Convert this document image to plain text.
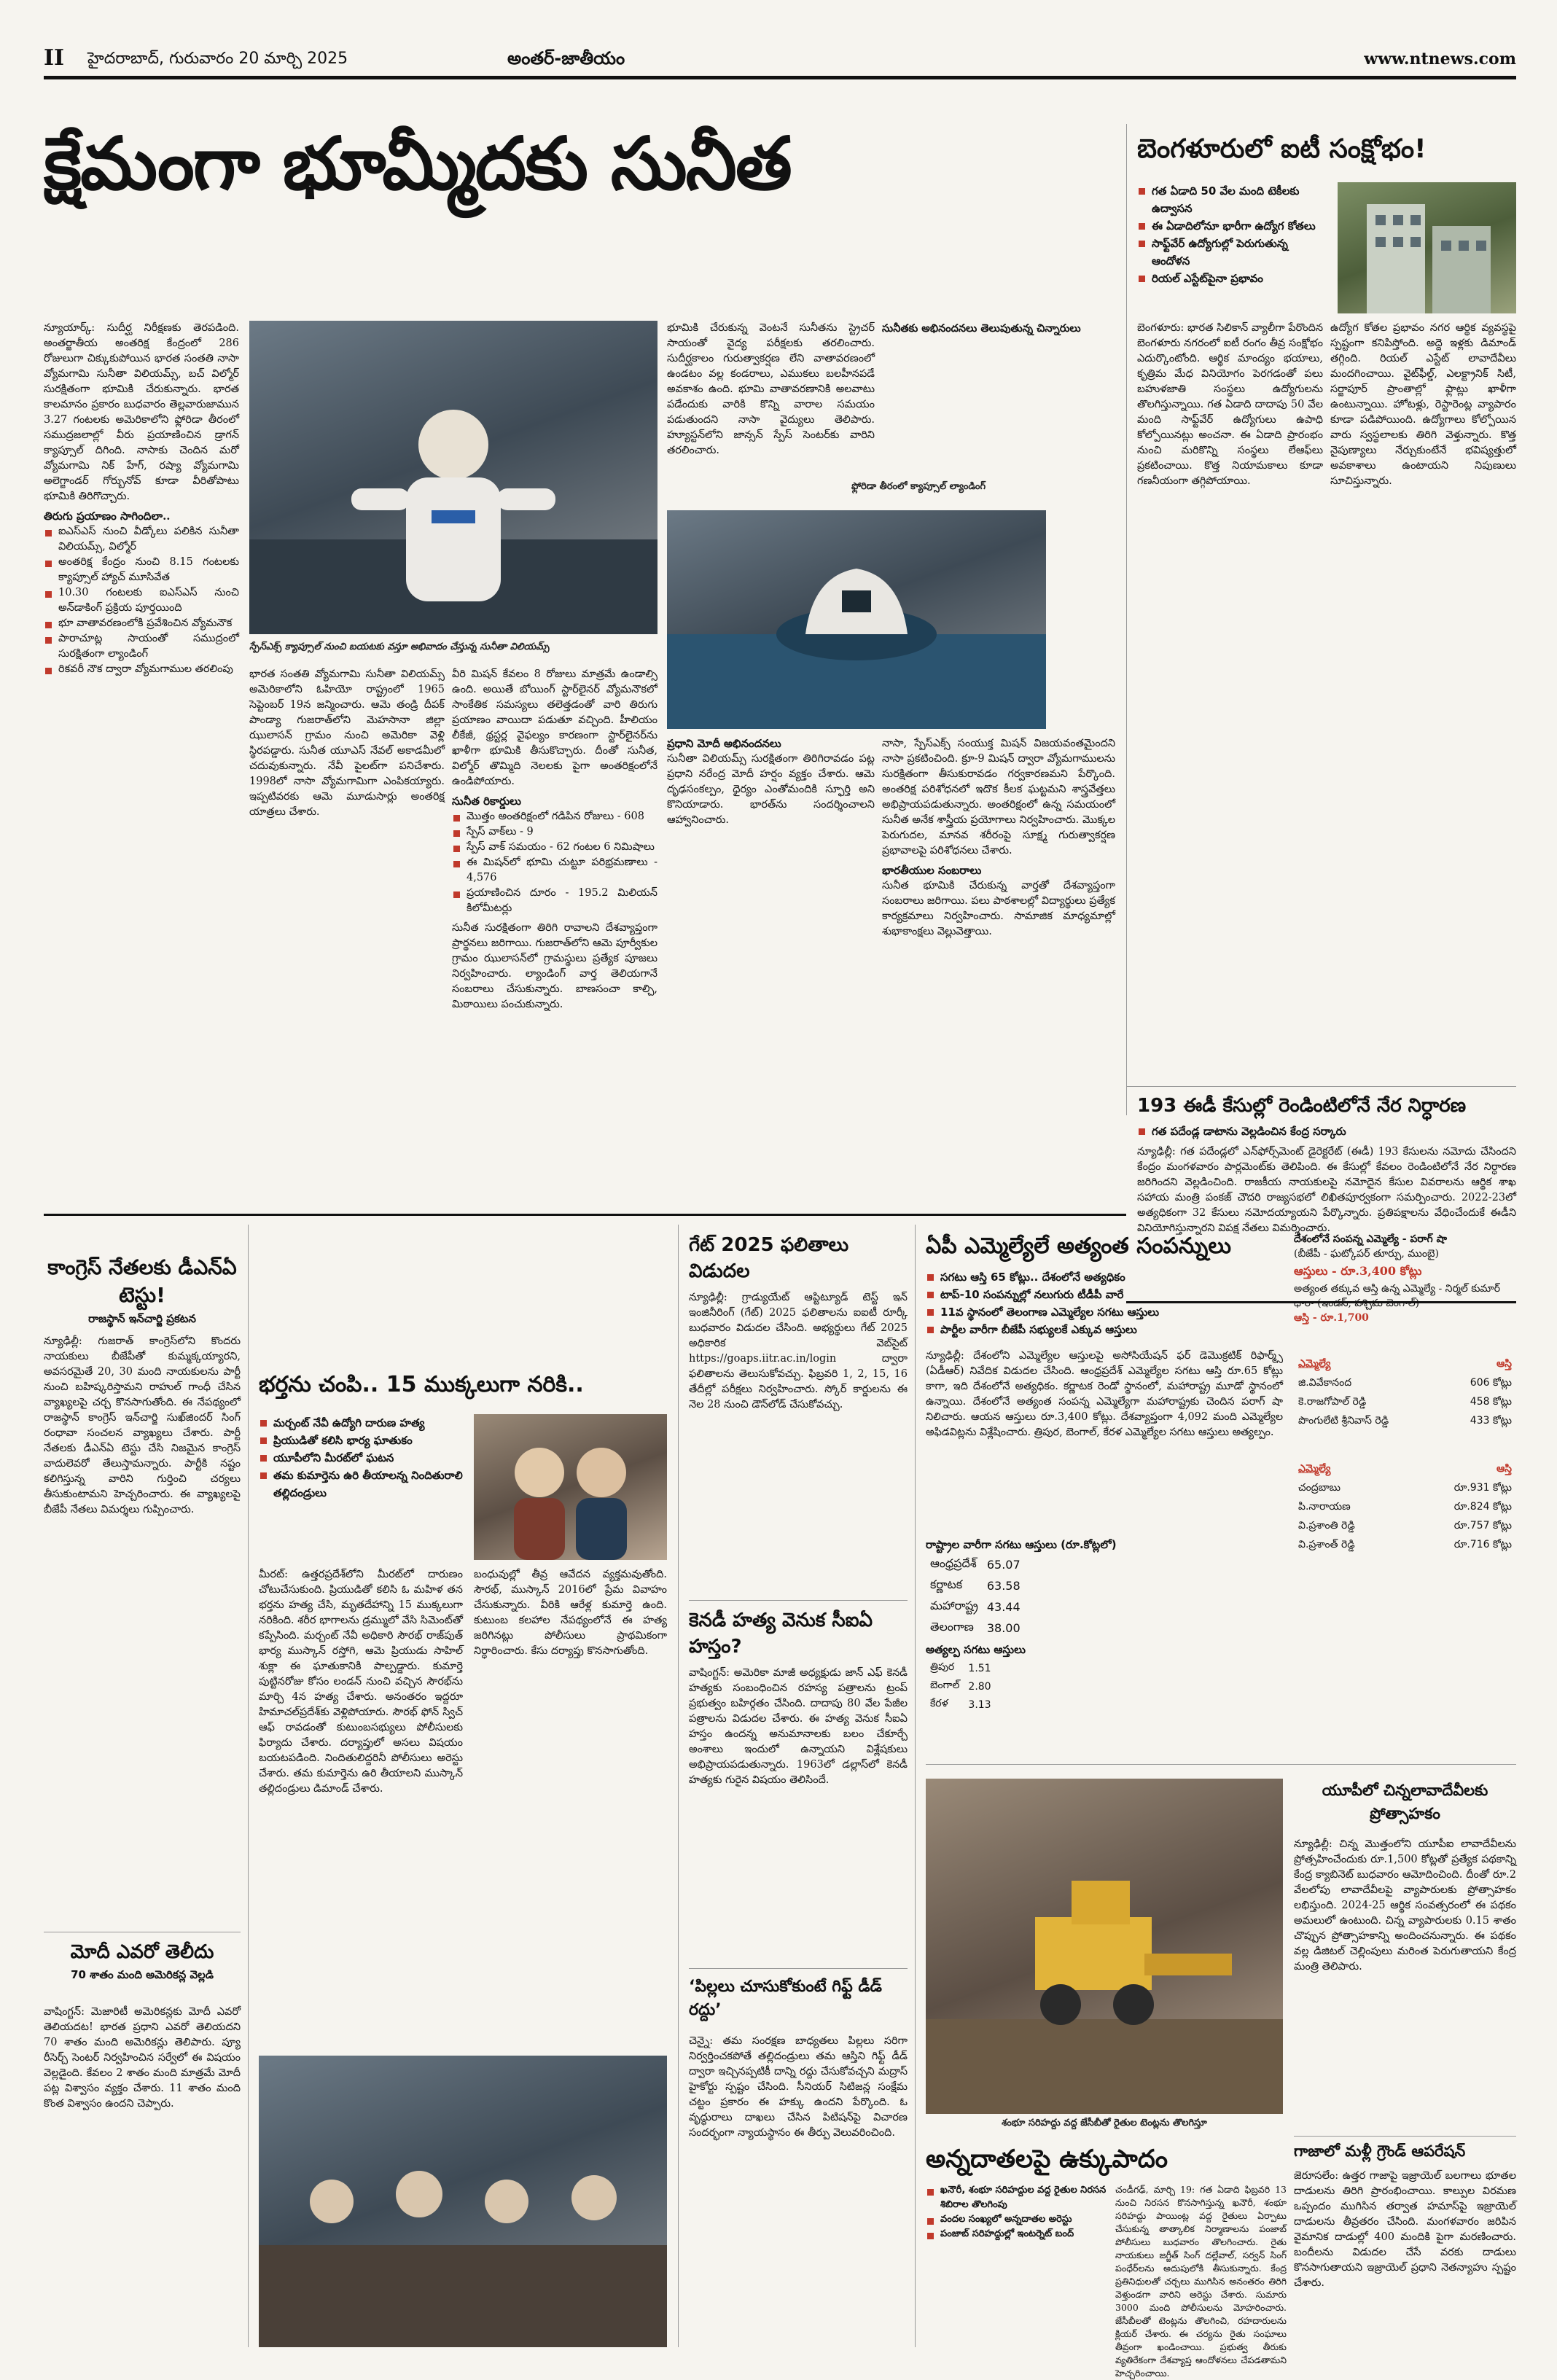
II హైదరాబాద్, గురువారం 20 మార్చి 2025	అంతర్-జాతీయం	www.ntnews.com
క్షేమంగా భూమ్మీదకు సునీత
న్యూయార్క్: సుదీర్ఘ నిరీక్షణకు తెరపడింది. అంతర్జాతీయ అంతరిక్ష కేంద్రంలో 286 రోజులుగా చిక్కుకుపోయిన భారత సంతతి నాసా వ్యోమగామి సునీతా విలియమ్స్, బచ్ విల్మోర్ సురక్షితంగా భూమికి చేరుకున్నారు. భారత కాలమానం ప్రకారం బుధవారం తెల్లవారుజామున 3.27 గంటలకు అమెరికాలోని ఫ్లోరిడా తీరంలో సముద్రజలాల్లో వీరు ప్రయాణించిన డ్రాగన్ క్యాప్సూల్ దిగింది. నాసాకు చెందిన మరో వ్యోమగామి నిక్ హేగ్, రష్యా వ్యోమగామి అలెగ్జాండర్ గోర్బునోవ్ కూడా వీరితోపాటు భూమికి తిరిగొచ్చారు.
తిరుగు ప్రయాణం సాగిందిలా..
ఐఎస్ఎస్ నుంచి వీడ్కోలు పలికిన సునీతా విలియమ్స్, విల్మోర్
అంతరిక్ష కేంద్రం నుంచి 8.15 గంటలకు క్యాప్సూల్ హ్యాచ్ మూసివేత
10.30 గంటలకు ఐఎస్ఎస్ నుంచి అన్‌డాకింగ్ ప్రక్రియ పూర్తయింది
భూ వాతావరణంలోకి ప్రవేశించిన వ్యోమనౌక
పారాచూట్ల సాయంతో సముద్రంలో సురక్షితంగా ల్యాండింగ్
రికవరీ నౌక ద్వారా వ్యోమగాముల తరలింపు
స్పేస్‌ఎక్స్ క్యాప్సూల్ నుంచి బయటకు వస్తూ అభివాదం చేస్తున్న సునీతా విలియమ్స్
భారత సంతతి వ్యోమగామి సునీతా విలియమ్స్ అమెరికాలోని ఓహియో రాష్ట్రంలో 1965 సెప్టెంబర్ 19న జన్మించారు. ఆమె తండ్రి దీపక్ పాండ్యా గుజరాత్‌లోని మెహసానా జిల్లా ఝులాసన్ గ్రామం నుంచి అమెరికా వెళ్లి స్థిరపడ్డారు. సునీత యూఎస్ నేవల్ అకాడమీలో చదువుకున్నారు. నేవీ పైలట్‌గా పనిచేశారు. 1998లో నాసా వ్యోమగామిగా ఎంపికయ్యారు. ఇప్పటివరకు ఆమె మూడుసార్లు అంతరిక్ష యాత్రలు చేశారు.
వీరి మిషన్ కేవలం 8 రోజులు మాత్రమే ఉండాల్సి ఉంది. అయితే బోయింగ్ స్టార్‌లైనర్ వ్యోమనౌకలో సాంకేతిక సమస్యలు తలెత్తడంతో వారి తిరుగు ప్రయాణం వాయిదా పడుతూ వచ్చింది. హీలియం లీకేజీ, థ్రస్టర్ల వైఫల్యం కారణంగా స్టార్‌లైనర్‌ను ఖాళీగా భూమికి తీసుకొచ్చారు. దీంతో సునీత, విల్మోర్ తొమ్మిది నెలలకు పైగా అంతరిక్షంలోనే ఉండిపోయారు.
సునీత రికార్డులు
మొత్తం అంతరిక్షంలో గడిపిన రోజులు - 608
స్పేస్ వాక్‌లు - 9
స్పేస్ వాక్ సమయం - 62 గంటల 6 నిమిషాలు
ఈ మిషన్‌లో భూమి చుట్టూ పరిభ్రమణాలు - 4,576
ప్రయాణించిన దూరం - 195.2 మిలియన్ కిలోమీటర్లు
సునీత సురక్షితంగా తిరిగి రావాలని దేశవ్యాప్తంగా ప్రార్థనలు జరిగాయి. గుజరాత్‌లోని ఆమె పూర్వీకుల గ్రామం ఝులాసన్‌లో గ్రామస్థులు ప్రత్యేక పూజలు నిర్వహించారు. ల్యాండింగ్ వార్త తెలియగానే సంబరాలు చేసుకున్నారు. బాణసంచా కాల్చి, మిఠాయిలు పంచుకున్నారు.
భూమికి చేరుకున్న వెంటనే సునీతను స్ట్రెచర్ సాయంతో వైద్య పరీక్షలకు తరలించారు. సుదీర్ఘకాలం గురుత్వాకర్షణ లేని వాతావరణంలో ఉండటం వల్ల కండరాలు, ఎముకలు బలహీనపడే అవకాశం ఉంది. భూమి వాతావరణానికి అలవాటు పడేందుకు వారికి కొన్ని వారాల సమయం పడుతుందని నాసా వైద్యులు తెలిపారు. హ్యూస్టన్‌లోని జాన్సన్ స్పేస్ సెంటర్‌కు వారిని తరలించారు.
ఫ్లోరిడా తీరంలో క్యాప్సూల్ ల్యాండింగ్
ప్రధాని మోదీ అభినందనలు
సునీతా విలియమ్స్ సురక్షితంగా తిరిగిరావడం పట్ల ప్రధాని నరేంద్ర మోదీ హర్షం వ్యక్తం చేశారు. ఆమె దృఢసంకల్పం, ధైర్యం ఎంతోమందికి స్ఫూర్తి అని కొనియాడారు. భారత్‌ను సందర్శించాలని ఆహ్వానించారు.
నాసా, స్పేస్ఎక్స్ సంయుక్త మిషన్ విజయవంతమైందని నాసా ప్రకటించింది. క్రూ-9 మిషన్ ద్వారా వ్యోమగాములను సురక్షితంగా తీసుకురావడం గర్వకారణమని పేర్కొంది. అంతరిక్ష పరిశోధనలో ఇదొక కీలక ఘట్టమని శాస్త్రవేత్తలు అభిప్రాయపడుతున్నారు. అంతరిక్షంలో ఉన్న సమయంలో సునీత అనేక శాస్త్రీయ ప్రయోగాలు నిర్వహించారు. మొక్కల పెరుగుదల, మానవ శరీరంపై సూక్ష్మ గురుత్వాకర్షణ ప్రభావాలపై పరిశోధనలు చేశారు.
భారతీయుల సంబరాలు
సునీత భూమికి చేరుకున్న వార్తతో దేశవ్యాప్తంగా సంబరాలు జరిగాయి. పలు పాఠశాలల్లో విద్యార్థులు ప్రత్యేక కార్యక్రమాలు నిర్వహించారు. సామాజిక మాధ్యమాల్లో శుభాకాంక్షలు వెల్లువెత్తాయి.
సునీతకు అభినందనలు తెలుపుతున్న చిన్నారులు
బెంగళూరులో ఐటీ సంక్షోభం!
గత ఏడాది 50 వేల మంది టెకీలకు ఉద్వాసన
ఈ ఏడాదిలోనూ భారీగా ఉద్యోగ కోతలు
సాఫ్ట్‌వేర్ ఉద్యోగుల్లో పెరుగుతున్న ఆందోళన
రియల్ ఎస్టేట్‌పైనా ప్రభావం
బెంగళూరు: భారత సిలికాన్ వ్యాలీగా పేరొందిన బెంగళూరు నగరంలో ఐటీ రంగం తీవ్ర సంక్షోభం ఎదుర్కొంటోంది. ఆర్థిక మాంద్యం భయాలు, కృత్రిమ మేధ వినియోగం పెరగడంతో పలు బహుళజాతి సంస్థలు ఉద్యోగులను తొలగిస్తున్నాయి. గత ఏడాది దాదాపు 50 వేల మంది సాఫ్ట్‌వేర్ ఉద్యోగులు ఉపాధి కోల్పోయినట్లు అంచనా. ఈ ఏడాది ప్రారంభం నుంచి మరికొన్ని సంస్థలు లేఆఫ్‌లు ప్రకటించాయి. కొత్త నియామకాలు కూడా గణనీయంగా తగ్గిపోయాయి.
ఉద్యోగ కోతల ప్రభావం నగర ఆర్థిక వ్యవస్థపై స్పష్టంగా కనిపిస్తోంది. అద్దె ఇళ్లకు డిమాండ్ తగ్గింది. రియల్ ఎస్టేట్ లావాదేవీలు మందగించాయి. వైట్‌ఫీల్డ్, ఎలక్ట్రానిక్ సిటీ, సర్జాపూర్ ప్రాంతాల్లో ఫ్లాట్లు ఖాళీగా ఉంటున్నాయి. హోటళ్లు, రెస్టారెంట్ల వ్యాపారం కూడా పడిపోయింది. ఉద్యోగాలు కోల్పోయిన వారు స్వస్థలాలకు తిరిగి వెళ్తున్నారు. కొత్త నైపుణ్యాలు నేర్చుకుంటేనే భవిష్యత్తులో అవకాశాలు ఉంటాయని నిపుణులు సూచిస్తున్నారు.
193 ఈడీ కేసుల్లో రెండింటిలోనే నేర నిర్ధారణ
గత పదేండ్ల డాటాను వెల్లడించిన కేంద్ర సర్కారు
న్యూఢిల్లీ: గత పదేండ్లలో ఎన్‌ఫోర్స్‌మెంట్ డైరెక్టరేట్ (ఈడీ) 193 కేసులను నమోదు చేసిందని కేంద్రం మంగళవారం పార్లమెంట్‌కు తెలిపింది. ఈ కేసుల్లో కేవలం రెండింటిలోనే నేర నిర్ధారణ జరిగిందని వెల్లడించింది. రాజకీయ నాయకులపై నమోదైన కేసుల వివరాలను ఆర్థిక శాఖ సహాయ మంత్రి పంకజ్ చౌదరి రాజ్యసభలో లిఖితపూర్వకంగా సమర్పించారు. 2022-23లో అత్యధికంగా 32 కేసులు నమోదయ్యాయని పేర్కొన్నారు. ప్రతిపక్షాలను వేధించేందుకే ఈడీని వినియోగిస్తున్నారని విపక్ష నేతలు విమర్శించారు.
కాంగ్రెస్ నేతలకు డీఎన్ఏ టెస్టు!
రాజస్థాన్ ఇన్‌చార్జి ప్రకటన
న్యూఢిల్లీ: గుజరాత్ కాంగ్రెస్‌లోని కొందరు నాయకులు బీజేపీతో కుమ్మక్కయ్యారని, అవసరమైతే 20, 30 మంది నాయకులను పార్టీ నుంచి బహిష్కరిస్తామని రాహుల్ గాంధీ చేసిన వ్యాఖ్యలపై చర్చ కొనసాగుతోంది. ఈ నేపథ్యంలో రాజస్థాన్ కాంగ్రెస్ ఇన్‌చార్జి సుఖ్‌జిందర్ సింగ్ రంధావా సంచలన వ్యాఖ్యలు చేశారు. పార్టీ నేతలకు డీఎన్ఏ టెస్టు చేసి నిజమైన కాంగ్రెస్ వాదులెవరో తేలుస్తామన్నారు. పార్టీకి నష్టం కలిగిస్తున్న వారిని గుర్తించి చర్యలు తీసుకుంటామని హెచ్చరించారు. ఈ వ్యాఖ్యలపై బీజేపీ నేతలు విమర్శలు గుప్పించారు.
మోదీ ఎవరో తెలీదు
70 శాతం మంది అమెరికన్ల వెల్లడి
వాషింగ్టన్: మెజారిటీ అమెరికన్లకు మోదీ ఎవరో తెలియదట! భారత ప్రధాని ఎవరో తెలియదని 70 శాతం మంది అమెరికన్లు తెలిపారు. ప్యూ రీసెర్చ్ సెంటర్ నిర్వహించిన సర్వేలో ఈ విషయం వెల్లడైంది. కేవలం 2 శాతం మంది మాత్రమే మోదీ పట్ల విశ్వాసం వ్యక్తం చేశారు. 11 శాతం మంది కొంత విశ్వాసం ఉందని చెప్పారు.
భర్తను చంపి.. 15 ముక్కలుగా నరికి..
మర్చంట్ నేవీ ఉద్యోగి దారుణ హత్య
ప్రియుడితో కలిసి భార్య ఘాతుకం
యూపీలోని మీరట్‌లో ఘటన
తమ కుమార్తెను ఉరి తీయాలన్న నిందితురాలి తల్లిదండ్రులు
మీరట్: ఉత్తరప్రదేశ్‌లోని మీరట్‌లో దారుణం చోటుచేసుకుంది. ప్రియుడితో కలిసి ఓ మహిళ తన భర్తను హత్య చేసి, మృతదేహాన్ని 15 ముక్కలుగా నరికింది. శరీర భాగాలను డ్రమ్ములో వేసి సిమెంట్‌తో కప్పేసింది. మర్చంట్ నేవీ అధికారి సౌరభ్ రాజ్‌పుత్ భార్య ముస్కాన్ రస్తోగి, ఆమె ప్రియుడు సాహిల్ శుక్లా ఈ ఘాతుకానికి పాల్పడ్డారు. కుమార్తె పుట్టినరోజు కోసం లండన్ నుంచి వచ్చిన సౌరభ్‌ను మార్చి 4న హత్య చేశారు. అనంతరం ఇద్దరూ హిమాచల్‌ప్రదేశ్‌కు వెళ్లిపోయారు. సౌరభ్ ఫోన్ స్విచ్ ఆఫ్ రావడంతో కుటుంబసభ్యులు పోలీసులకు ఫిర్యాదు చేశారు. దర్యాప్తులో అసలు విషయం బయటపడింది. నిందితులిద్దరినీ పోలీసులు అరెస్టు చేశారు. తమ కుమార్తెను ఉరి తీయాలని ముస్కాన్ తల్లిదండ్రులు డిమాండ్ చేశారు.
బంధువుల్లో తీవ్ర ఆవేదన వ్యక్తమవుతోంది. సౌరభ్, ముస్కాన్ 2016లో ప్రేమ వివాహం చేసుకున్నారు. వీరికి ఆరేళ్ల కుమార్తె ఉంది. కుటుంబ కలహాల నేపథ్యంలోనే ఈ హత్య జరిగినట్లు పోలీసులు ప్రాథమికంగా నిర్ధారించారు. కేసు దర్యాప్తు కొనసాగుతోంది.
గేట్ 2025 ఫలితాలు విడుదల
న్యూఢిల్లీ: గ్రాడ్యుయేట్ ఆప్టిట్యూడ్ టెస్ట్ ఇన్ ఇంజినీరింగ్ (గేట్) 2025 ఫలితాలను ఐఐటీ రూర్కీ బుధవారం విడుదల చేసింది. అభ్యర్థులు గేట్ 2025 అధికారిక వెబ్‌సైట్ https://goaps.iitr.ac.in/login ద్వారా ఫలితాలను తెలుసుకోవచ్చు. ఫిబ్రవరి 1, 2, 15, 16 తేదీల్లో పరీక్షలు నిర్వహించారు. స్కోర్ కార్డులను ఈ నెల 28 నుంచి డౌన్‌లోడ్ చేసుకోవచ్చు.
కెనడీ హత్య వెనుక సీఐఏ హస్తం?
వాషింగ్టన్: అమెరికా మాజీ అధ్యక్షుడు జాన్ ఎఫ్ కెనడీ హత్యకు సంబంధించిన రహస్య పత్రాలను ట్రంప్ ప్రభుత్వం బహిర్గతం చేసింది. దాదాపు 80 వేల పేజీల పత్రాలను విడుదల చేశారు. ఈ హత్య వెనుక సీఐఏ హస్తం ఉందన్న అనుమానాలకు బలం చేకూర్చే అంశాలు ఇందులో ఉన్నాయని విశ్లేషకులు అభిప్రాయపడుతున్నారు. 1963లో డల్లాస్‌లో కెనడీ హత్యకు గురైన విషయం తెలిసిందే.
‘పిల్లలు చూసుకోకుంటే గిఫ్ట్ డీడ్ రద్దు’
చెన్నై: తమ సంరక్షణ బాధ్యతలు పిల్లలు సరిగా నిర్వర్తించకపోతే తల్లిదండ్రులు తమ ఆస్తిని గిఫ్ట్ డీడ్ ద్వారా ఇచ్చినప్పటికీ దాన్ని రద్దు చేసుకోవచ్చని మద్రాస్ హైకోర్టు స్పష్టం చేసింది. సీనియర్ సిటిజన్ల సంక్షేమ చట్టం ప్రకారం ఈ హక్కు ఉందని పేర్కొంది. ఓ వృద్ధురాలు దాఖలు చేసిన పిటిషన్‌పై విచారణ సందర్భంగా న్యాయస్థానం ఈ తీర్పు వెలువరించింది.
ఏపీ ఎమ్మెల్యేలే అత్యంత సంపన్నులు
సగటు ఆస్తి 65 కోట్లు.. దేశంలోనే అత్యధికం
టాప్-10 సంపన్నుల్లో నలుగురు టీడీపీ వారే
11వ స్థానంలో తెలంగాణ ఎమ్మెల్యేల సగటు ఆస్తులు
పార్టీల వారీగా బీజేపీ సభ్యులకే ఎక్కువ ఆస్తులు
న్యూఢిల్లీ: దేశంలోని ఎమ్మెల్యేల ఆస్తులపై అసోసియేషన్ ఫర్ డెమొక్రటిక్ రిఫార్మ్స్ (ఏడీఆర్) నివేదిక విడుదల చేసింది. ఆంధ్రప్రదేశ్ ఎమ్మెల్యేల సగటు ఆస్తి రూ.65 కోట్లు కాగా, ఇది దేశంలోనే అత్యధికం. కర్ణాటక రెండో స్థానంలో, మహారాష్ట్ర మూడో స్థానంలో ఉన్నాయి. దేశంలోనే అత్యంత సంపన్న ఎమ్మెల్యేగా మహారాష్ట్రకు చెందిన పరాగ్ షా నిలిచారు. ఆయన ఆస్తులు రూ.3,400 కోట్లు. దేశవ్యాప్తంగా 4,092 మంది ఎమ్మెల్యేల అఫిడవిట్లను విశ్లేషించారు. త్రిపుర, బెంగాల్, కేరళ ఎమ్మెల్యేల సగటు ఆస్తులు అత్యల్పం.
రాష్ట్రాల వారీగా సగటు ఆస్తులు (రూ.కోట్లలో)
ఆంధ్రప్రదేశ్	65.07
కర్ణాటక	63.58
మహారాష్ట్ర	43.44
తెలంగాణ	38.00
అత్యల్ప సగటు ఆస్తులు
త్రిపుర	1.51
బెంగాల్	2.80
కేరళ	3.13
దేశంలోనే సంపన్న ఎమ్మెల్యే - పరాగ్ షా
(బీజేపీ - ఘట్కోపర్ తూర్పు, ముంబై)
ఆస్తులు - రూ.3,400 కోట్లు
అత్యంత తక్కువ ఆస్తి ఉన్న ఎమ్మెల్యే - నిర్మల్ కుమార్ ధారా (ఇండస్, పశ్చిమ బెంగాల్)
ఆస్తి - రూ.1,700
ఎమ్మెల్యే	ఆస్తి
జి.వివేకానంద	606 కోట్లు
కె.రాజగోపాల్ రెడ్డి	458 కోట్లు
పొంగులేటి శ్రీనివాస్ రెడ్డి	433 కోట్లు
ఎమ్మెల్యే	ఆస్తి
చంద్రబాబు	రూ.931 కోట్లు
పి.నారాయణ	రూ.824 కోట్లు
వి.ప్రశాంతి రెడ్డి	రూ.757 కోట్లు
వి.ప్రశాంత్ రెడ్డి	రూ.716 కోట్లు
యూపీలో చిన్నలావాదేవీలకు ప్రోత్సాహకం
న్యూఢిల్లీ: చిన్న మొత్తంలోని యూపీఐ లావాదేవీలను ప్రోత్సహించేందుకు రూ.1,500 కోట్లతో ప్రత్యేక పథకాన్ని కేంద్ర క్యాబినెట్ బుధవారం ఆమోదించింది. దీంతో రూ.2 వేలలోపు లావాదేవీలపై వ్యాపారులకు ప్రోత్సాహకం లభిస్తుంది. 2024-25 ఆర్థిక సంవత్సరంలో ఈ పథకం అమలులో ఉంటుంది. చిన్న వ్యాపారులకు 0.15 శాతం చొప్పున ప్రోత్సాహకాన్ని అందించనున్నారు. ఈ పథకం వల్ల డిజిటల్ చెల్లింపులు మరింత పెరుగుతాయని కేంద్ర మంత్రి తెలిపారు.
గాజాలో మళ్లీ గ్రౌండ్ ఆపరేషన్
జెరూసలేం: ఉత్తర గాజాపై ఇజ్రాయెల్ బలగాలు భూతల దాడులను తిరిగి ప్రారంభించాయి. కాల్పుల విరమణ ఒప్పందం ముగిసిన తర్వాత హమాస్‌పై ఇజ్రాయెల్ దాడులను తీవ్రతరం చేసింది. మంగళవారం జరిపిన వైమానిక దాడుల్లో 400 మందికి పైగా మరణించారు. బందీలను విడుదల చేసే వరకు దాడులు కొనసాగుతాయని ఇజ్రాయెల్ ప్రధాని నెతన్యాహు స్పష్టం చేశారు.
శంభూ సరిహద్దు వద్ద జేసీబీతో రైతుల టెంట్లను తొలగిస్తూ
అన్నదాతలపై ఉక్కుపాదం
ఖనౌరీ, శంభూ సరిహద్దుల వద్ద రైతుల నిరసన శిబిరాల తొలగింపు
వందల సంఖ్యలో అన్నదాతల అరెస్టు
పంజాబ్ సరిహద్దుల్లో ఇంటర్నెట్ బంద్
చండీగఢ్, మార్చి 19: గత ఏడాది ఫిబ్రవరి 13 నుంచి నిరసన కొనసాగిస్తున్న ఖనౌరీ, శంభూ సరిహద్దు పాయింట్ల వద్ద రైతులు ఏర్పాటు చేసుకున్న తాత్కాలిక నిర్మాణాలను పంజాబ్ పోలీసులు బుధవారం తొలగించారు. రైతు నాయకులు జగ్జీత్ సింగ్ దల్లేవాల్, సర్వన్ సింగ్ పంధేర్‌లను అదుపులోకి తీసుకున్నారు. కేంద్ర ప్రతినిధులతో చర్చలు ముగిసిన అనంతరం తిరిగి వెళ్తుండగా వారిని అరెస్టు చేశారు. సుమారు 3000 మంది పోలీసులను మోహరించారు. జేసీబీలతో టెంట్లను తొలగించి, రహదారులను క్లియర్ చేశారు. ఈ చర్యను రైతు సంఘాలు తీవ్రంగా ఖండించాయి. ప్రభుత్వ తీరుకు వ్యతిరేకంగా దేశవ్యాప్త ఆందోళనలు చేపడతామని హెచ్చరించాయి.
